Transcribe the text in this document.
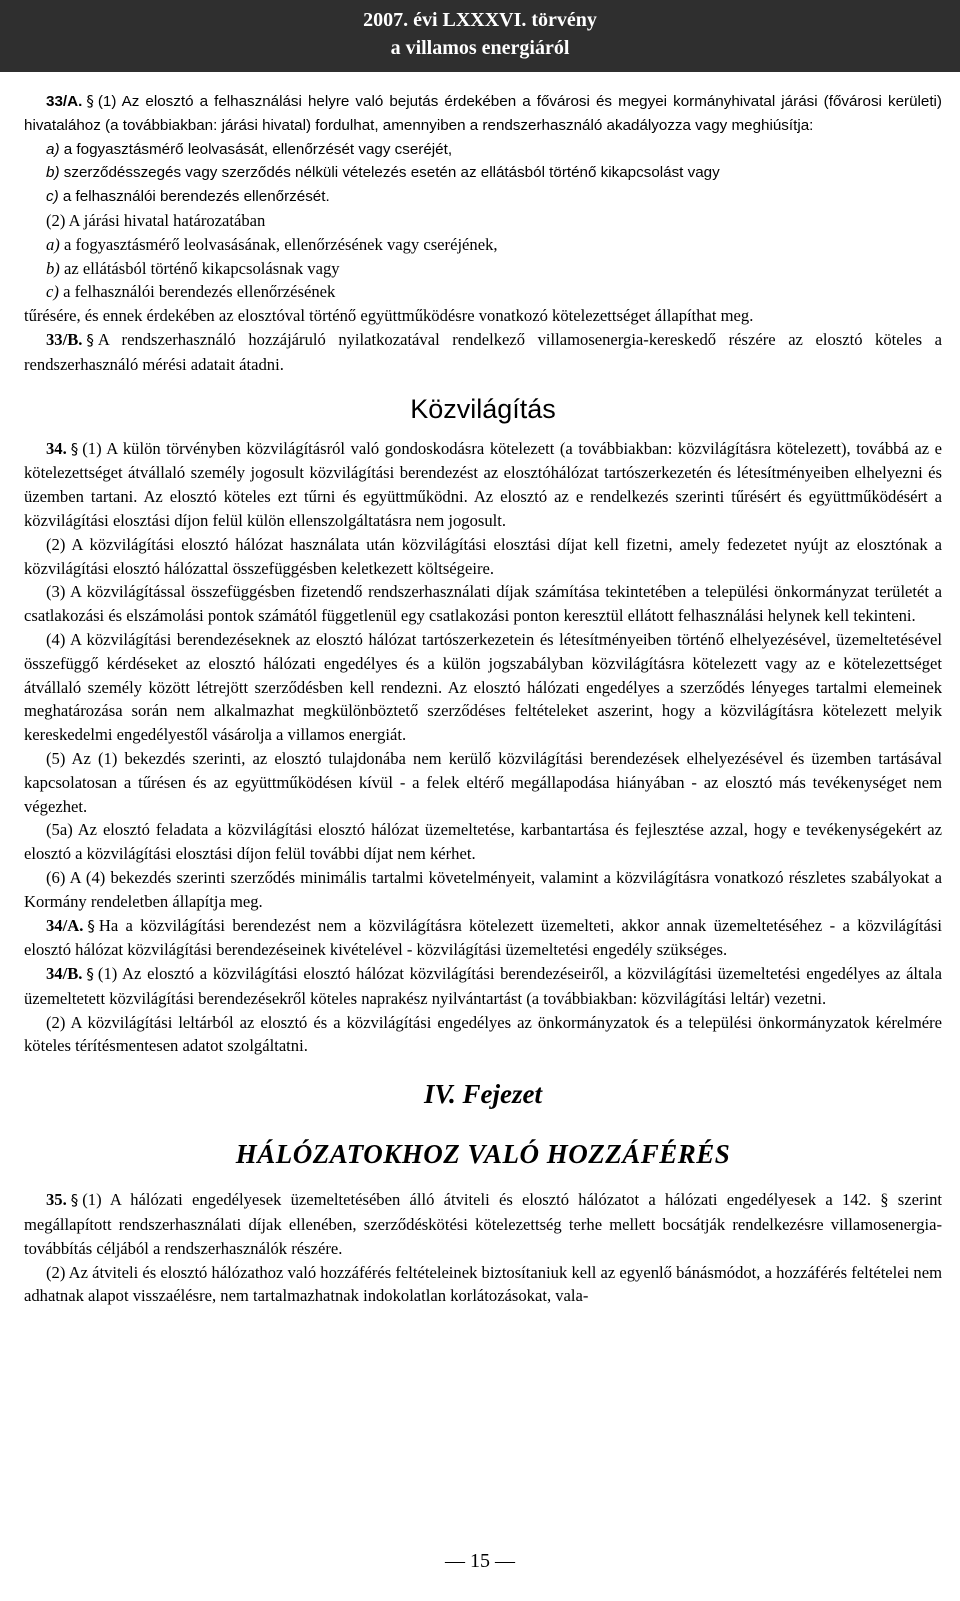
2007. évi LXXXVI. törvény
a villamos energiáról

33/A. § (1) Az elosztó a felhasználási helyre való bejutás érdekében a fővárosi és megyei kormányhivatal járási (fővárosi kerületi) hivatalához (a továbbiakban: járási hivatal) fordulhat, amennyiben a rendszerhasználó akadályozza vagy meghiúsítja:

a) a fogyasztásmérő leolvasását, ellenőrzését vagy cseréjét,

b) szerződésszegés vagy szerződés nélküli vételezés esetén az ellátásból történő kikapcsolást vagy

c) a felhasználói berendezés ellenőrzését.

(2) A járási hivatal határozatában

a) a fogyasztásmérő leolvasásának, ellenőrzésének vagy cseréjének,

b) az ellátásból történő kikapcsolásnak vagy

c) a felhasználói berendezés ellenőrzésének

tűrésére, és ennek érdekében az elosztóval történő együttműködésre vonatkozó kötelezettséget állapíthat meg.

33/B. § A rendszerhasználó hozzájáruló nyilatkozatával rendelkező villamosenergia-kereskedő részére az elosztó köteles a rendszerhasználó mérési adatait átadni.

Közvilágítás

34. § (1) A külön törvényben közvilágításról való gondoskodásra kötelezett (a továbbiakban: közvilágításra kötelezett), továbbá az e kötelezettséget átvállaló személy jogosult közvilágítási berendezést az elosztóhálózat tartószerkezetén és létesítményeiben elhelyezni és üzemben tartani. Az elosztó köteles ezt tűrni és együttműködni. Az elosztó az e rendelkezés szerinti tűrésért és együttműködésért a közvilágítási elosztási díjon felül külön ellenszolgáltatásra nem jogosult.

(2) A közvilágítási elosztó hálózat használata után közvilágítási elosztási díjat kell fizetni, amely fedezetet nyújt az elosztónak a közvilágítási elosztó hálózattal összefüggésben keletkezett költségeire.

(3) A közvilágítással összefüggésben fizetendő rendszerhasználati díjak számítása tekintetében a települési önkormányzat területét a csatlakozási és elszámolási pontok számától függetlenül egy csatlakozási ponton keresztül ellátott felhasználási helynek kell tekinteni.

(4) A közvilágítási berendezéseknek az elosztó hálózat tartószerkezetein és létesítményeiben történő elhelyezésével, üzemeltetésével összefüggő kérdéseket az elosztó hálózati engedélyes és a külön jogszabályban közvilágításra kötelezett vagy az e kötelezettséget átvállaló személy között létrejött szerződésben kell rendezni. Az elosztó hálózati engedélyes a szerződés lényeges tartalmi elemeinek meghatározása során nem alkalmazhat megkülönböztető szerződéses feltételeket aszerint, hogy a közvilágításra kötelezett melyik kereskedelmi engedélyestől vásárolja a villamos energiát.

(5) Az (1) bekezdés szerinti, az elosztó tulajdonába nem kerülő közvilágítási berendezések elhelyezésével és üzemben tartásával kapcsolatosan a tűrésen és az együttműködésen kívül - a felek eltérő megállapodása hiányában - az elosztó más tevékenységet nem végezhet.

(5a) Az elosztó feladata a közvilágítási elosztó hálózat üzemeltetése, karbantartása és fejlesztése azzal, hogy e tevékenységekért az elosztó a közvilágítási elosztási díjon felül további díjat nem kérhet.

(6) A (4) bekezdés szerinti szerződés minimális tartalmi követelményeit, valamint a közvilágításra vonatkozó részletes szabályokat a Kormány rendeletben állapítja meg.

34/A. § Ha a közvilágítási berendezést nem a közvilágításra kötelezett üzemelteti, akkor annak üzemeltetéséhez - a közvilágítási elosztó hálózat közvilágítási berendezéseinek kivételével - közvilágítási üzemeltetési engedély szükséges.

34/B. § (1) Az elosztó a közvilágítási elosztó hálózat közvilágítási berendezéseiről, a közvilágítási üzemeltetési engedélyes az általa üzemeltetett közvilágítási berendezésekről köteles naprakész nyilvántartást (a továbbiakban: közvilágítási leltár) vezetni.

(2) A közvilágítási leltárból az elosztó és a közvilágítási engedélyes az önkormányzatok és a települési önkormányzatok kérelmére köteles térítésmentesen adatot szolgáltatni.

IV. Fejezet
HÁLÓZATOKHOZ VALÓ HOZZÁFÉRÉS

35. § (1) A hálózati engedélyesek üzemeltetésében álló átviteli és elosztó hálózatot a hálózati engedélyesek a 142. § szerint megállapított rendszerhasználati díjak ellenében, szerződéskötési kötelezettség terhe mellett bocsátják rendelkezésre villamosenergia-továbbítás céljából a rendszerhasználók részére.

(2) Az átviteli és elosztó hálózathoz való hozzáférés feltételeinek biztosítaniuk kell az egyenlő bánásmódot, a hozzáférés feltételei nem adhatnak alapot visszaélésre, nem tartalmazhatnak indokolatlan korlátozásokat, vala-

— 15 —
